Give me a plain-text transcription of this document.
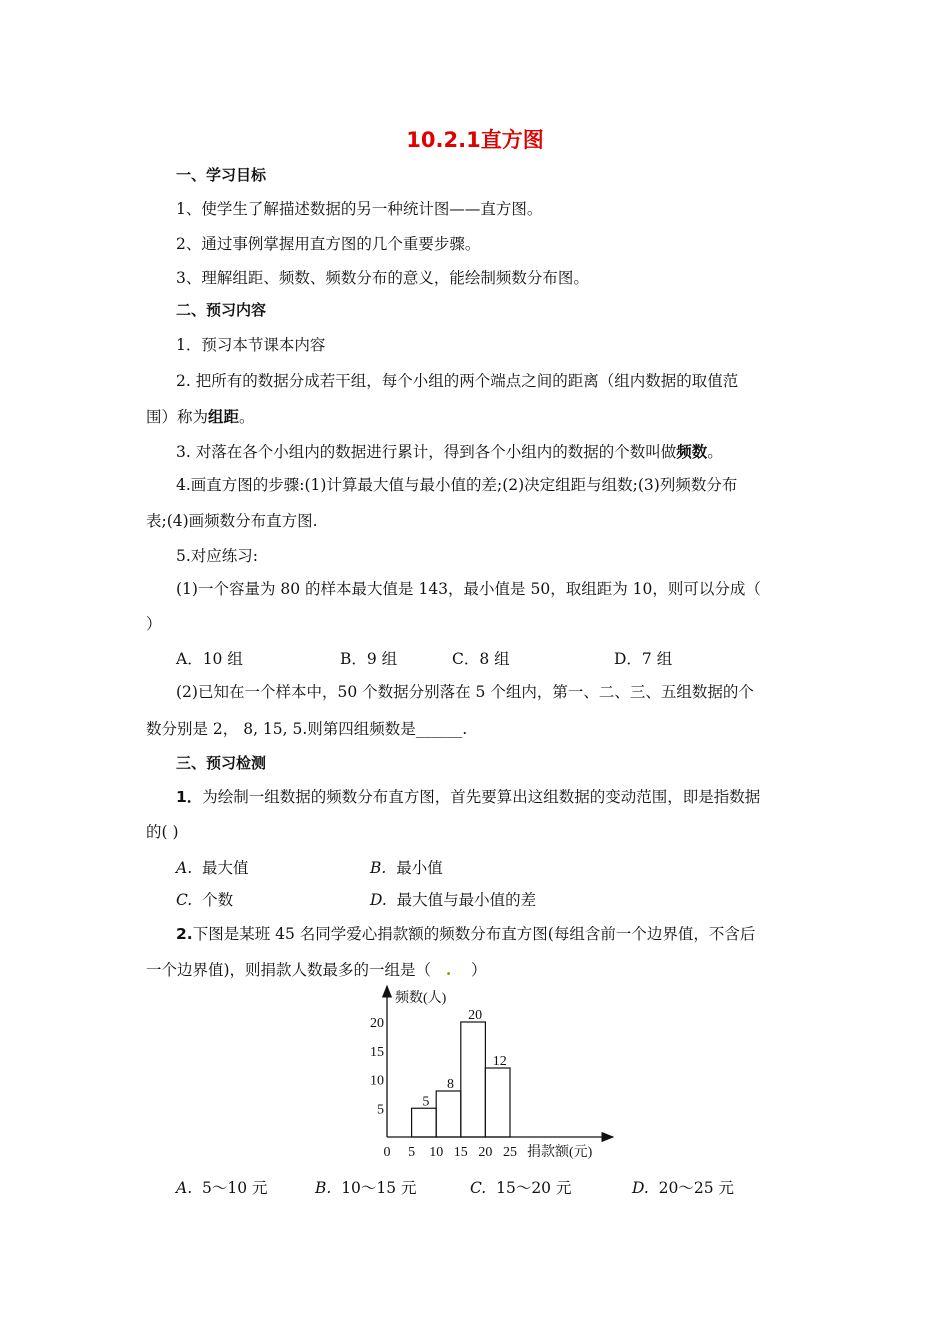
10.2.1直方图
一、学习目标
1、使学生了解描述数据的另一种统计图——直方图。
2、通过事例掌握用直方图的几个重要步骤。
3、理解组距、频数、频数分布的意义，能绘制频数分布图。
二、预习内容
1．预习本节课本内容
2. 把所有的数据分成若干组，每个小组的两个端点之间的距离（组内数据的取值范
围）称为组距。
3. 对落在各个小组内的数据进行累计，得到各个小组内的数据的个数叫做频数。
4.画直方图的步骤:(1)计算最大值与最小值的差;(2)决定组距与组数;(3)列频数分布
表;(4)画频数分布直方图.
5.对应练习:
(1)一个容量为 80 的样本最大值是 143，最小值是 50，取组距为 10，则可以分成（
）
A．10 组	B．9 组	C．8 组	D．7 组
(2)已知在一个样本中，50 个数据分别落在 5 个组内，第一、二、三、五组数据的个
数分别是 2， 8, 15, 5.则第四组频数是______.
三、预习检测
1．为绘制一组数据的频数分布直方图，首先要算出这组数据的变动范围，即是指数据
的( )
A. 最大值	B. 最小值
C. 个数	D. 最大值与最小值的差
2.下图是某班 45 名同学爱心捐款额的频数分布直方图(每组含前一个边界值，不含后
一个边界值)，则捐款人数最多的一组是（ . ）
频数(人)
捐款额(元)
5
8
20
12
5
10
15
20
0 5 10 15 20 25
A. 5～10 元	B. 10～15 元	C. 15～20 元	D. 20～25 元
